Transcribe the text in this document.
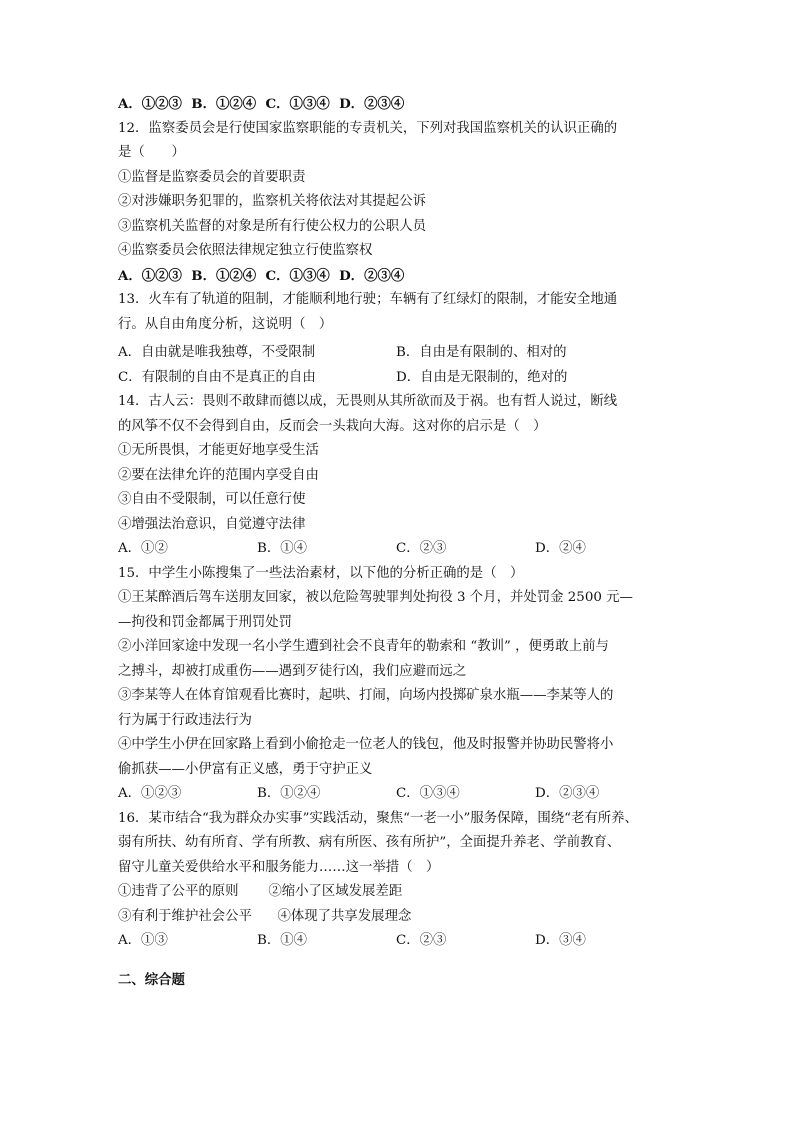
A．①②③ B．①②④ C．①③④ D．②③④
12．监察委员会是行使国家监察职能的专责机关，下列对我国监察机关的认识正确的
是（　　）
①监督是监察委员会的首要职责
②对涉嫌职务犯罪的，监察机关将依法对其提起公诉
③监察机关监督的对象是所有行使公权力的公职人员
④监察委员会依照法律规定独立行使监察权
A．①②③ B．①②④ C．①③④ D．②③④
13．火车有了轨道的阻制，才能顺利地行驶；车辆有了红绿灯的限制，才能安全地通
行。从自由角度分析，这说明（　）
A．自由就是唯我独尊，不受限制	B．自由是有限制的、相对的
C．有限制的自由不是真正的自由	D．自由是无限制的，绝对的
14．古人云：畏则不敢肆而德以成，无畏则从其所欲而及于祸。也有哲人说过，断线
的风筝不仅不会得到自由，反而会一头栽向大海。这对你的启示是（　）
①无所畏惧，才能更好地享受生活
②要在法律允许的范围内享受自由
③自由不受限制，可以任意行使
④增强法治意识，自觉遵守法律
A．①②	B．①④	C．②③	D．②④
15．中学生小陈搜集了一些法治素材，以下他的分析正确的是（　）
①王某醉酒后驾车送朋友回家，被以危险驾驶罪判处拘役 3 个月，并处罚金 2500 元—
—拘役和罚金都属于刑罚处罚
②小洋回家途中发现一名小学生遭到社会不良青年的勒索和 “教训” ，便勇敢上前与
之搏斗，却被打成重伤——遇到歹徒行凶，我们应避而远之
③李某等人在体育馆观看比赛时，起哄、打闹，向场内投掷矿泉水瓶——李某等人的
行为属于行政违法行为
④中学生小伊在回家路上看到小偷抢走一位老人的钱包，他及时报警并协助民警将小
偷抓获——小伊富有正义感，勇于守护正义
A．①②③	B．①②④	C．①③④	D．②③④
16．某市结合“我为群众办实事”实践活动，聚焦“一老一小”服务保障，围绕“老有所养、
弱有所扶、幼有所育、学有所教、病有所医、孩有所护”，全面提升养老、学前教育、
留守儿童关爱供给水平和服务能力……这一举措（　）
①违背了公平的原则 ②缩小了区域发展差距
③有利于维护社会公平 ④体现了共享发展理念
A．①③	B．①④	C．②③	D．③④
二、综合题
